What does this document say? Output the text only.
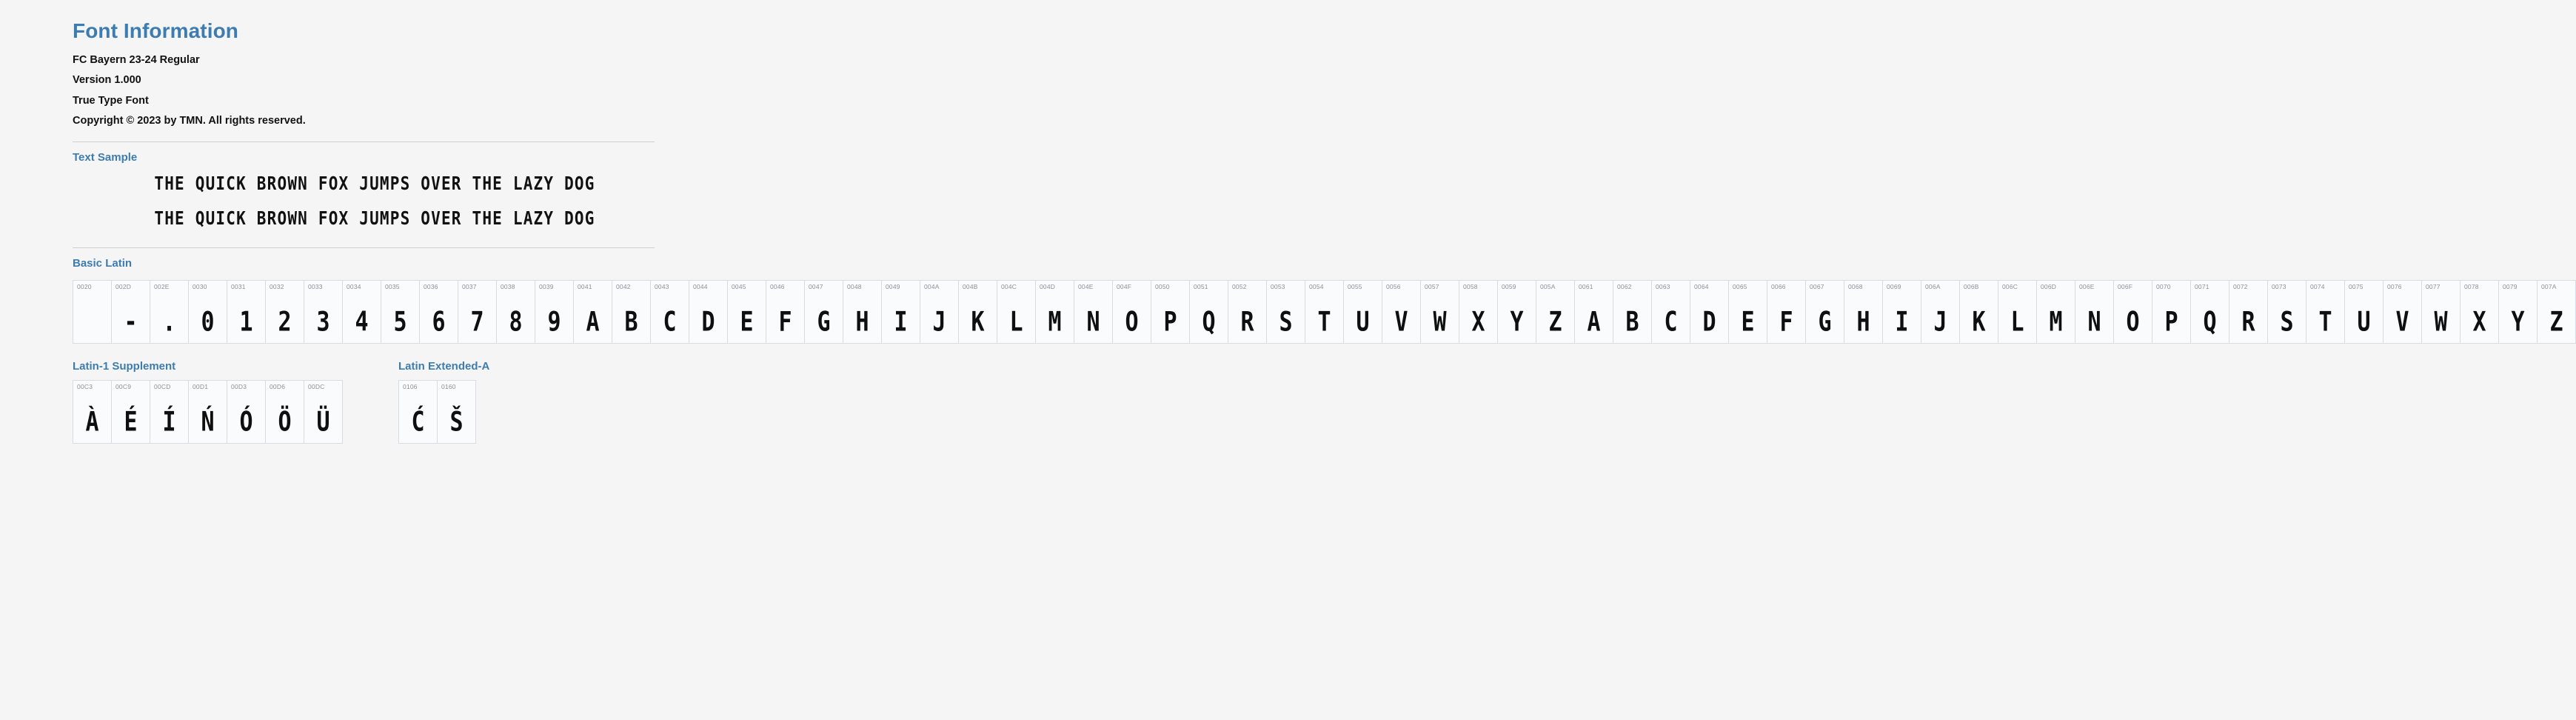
Font Information
FC Bayern 23-24 Regular
Version 1.000
True Type Font
Copyright © 2023 by TMN. All rights reserved.
Text Sample
THE QUICK BROWN FOX JUMPS OVER THE LAZY DOG
THE QUICK BROWN FOX JUMPS OVER THE LAZY DOG
Basic Latin
0020	002D
-
002E
.
0030
0
0031
1
0032
2
0033
3
0034
4
0035
5
0036
6
0037
7
0038
8
0039
9
0041
A
0042
B
0043
C
0044
D
0045
E
0046
F
0047
G
0048
H
0049
I
004A
J
004B
K
004C
L
004D
M
004E
N
004F
O
0050
P
0051
Q
0052
R
0053
S
0054
T
0055
U
0056
V
0057
W
0058
X
0059
Y
005A
Z
0061
A
0062
B
0063
C
0064
D
0065
E
0066
F
0067
G
0068
H
0069
I
006A
J
006B
K
006C
L
006D
M
006E
N
006F
O
0070
P
0071
Q
0072
R
0073
S
0074
T
0075
U
0076
V
0077
W
0078
X
0079
Y
007A
Z
Latin-1 Supplement
00C3
À
00C9
É
00CD
Í
00D1
Ń
00D3
Ó
00D6
Ö
00DC
Ü
Latin Extended-A
0106
Ć
0160
Š
